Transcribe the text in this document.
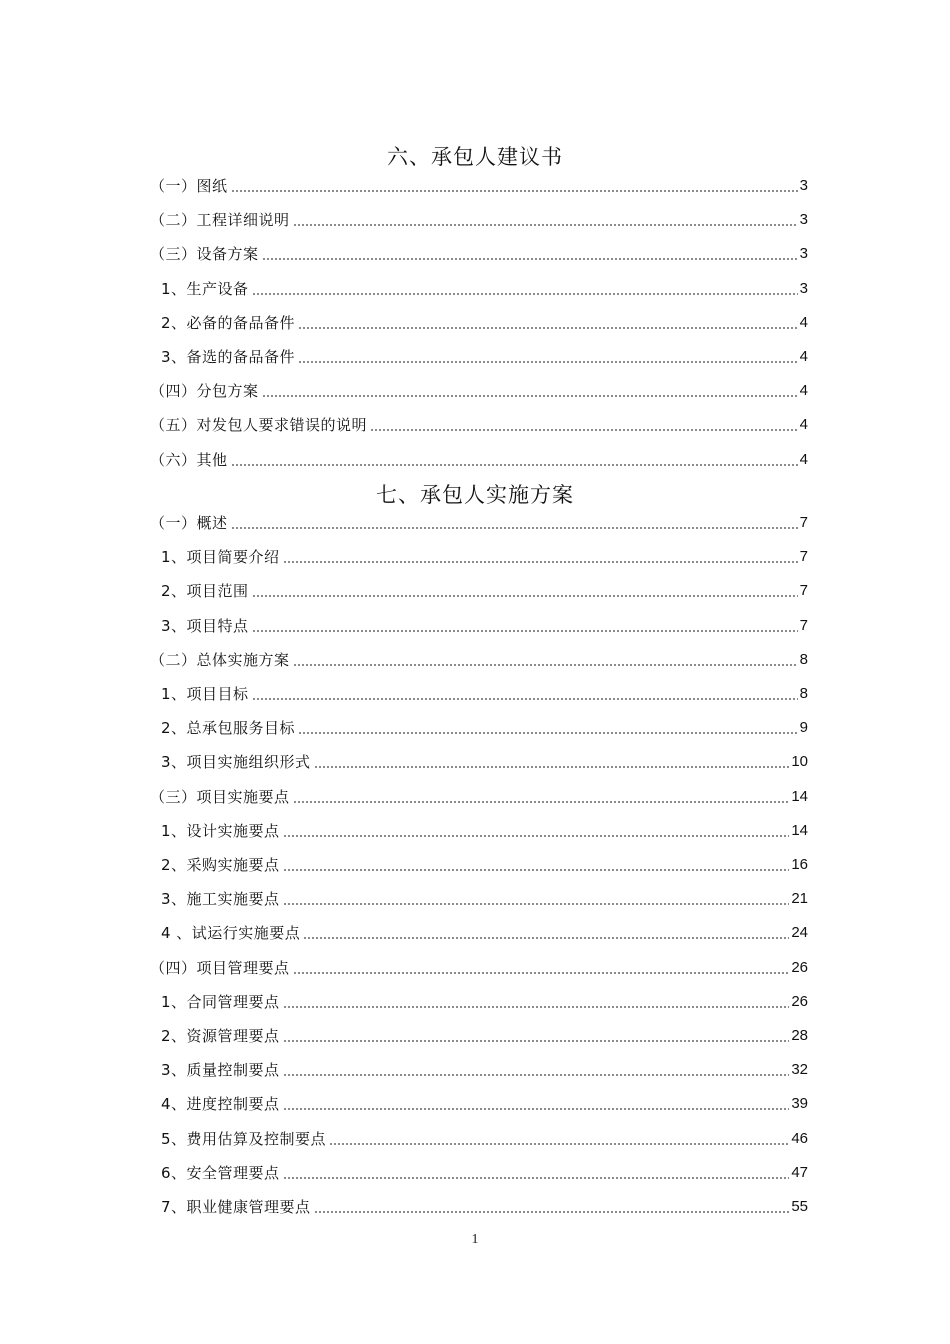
六、承包人建议书
（一）图纸	3
（二）工程详细说明	3
（三）设备方案	3
1、生产设备	3
2、必备的备品备件	4
3、备选的备品备件	4
（四）分包方案	4
（五）对发包人要求错误的说明	4
（六）其他	4
七、承包人实施方案
（一）概述	7
1、项目简要介绍	7
2、项目范围	7
3、项目特点	7
（二）总体实施方案	8
1、项目目标	8
2、总承包服务目标	9
3、项目实施组织形式	10
（三）项目实施要点	14
1、设计实施要点	14
2、采购实施要点	16
3、施工实施要点	21
4 、试运行实施要点	24
（四）项目管理要点	26
1、合同管理要点	26
2、资源管理要点	28
3、质量控制要点	32
4、进度控制要点	39
5、费用估算及控制要点	46
6、安全管理要点	47
7、职业健康管理要点	55
1
